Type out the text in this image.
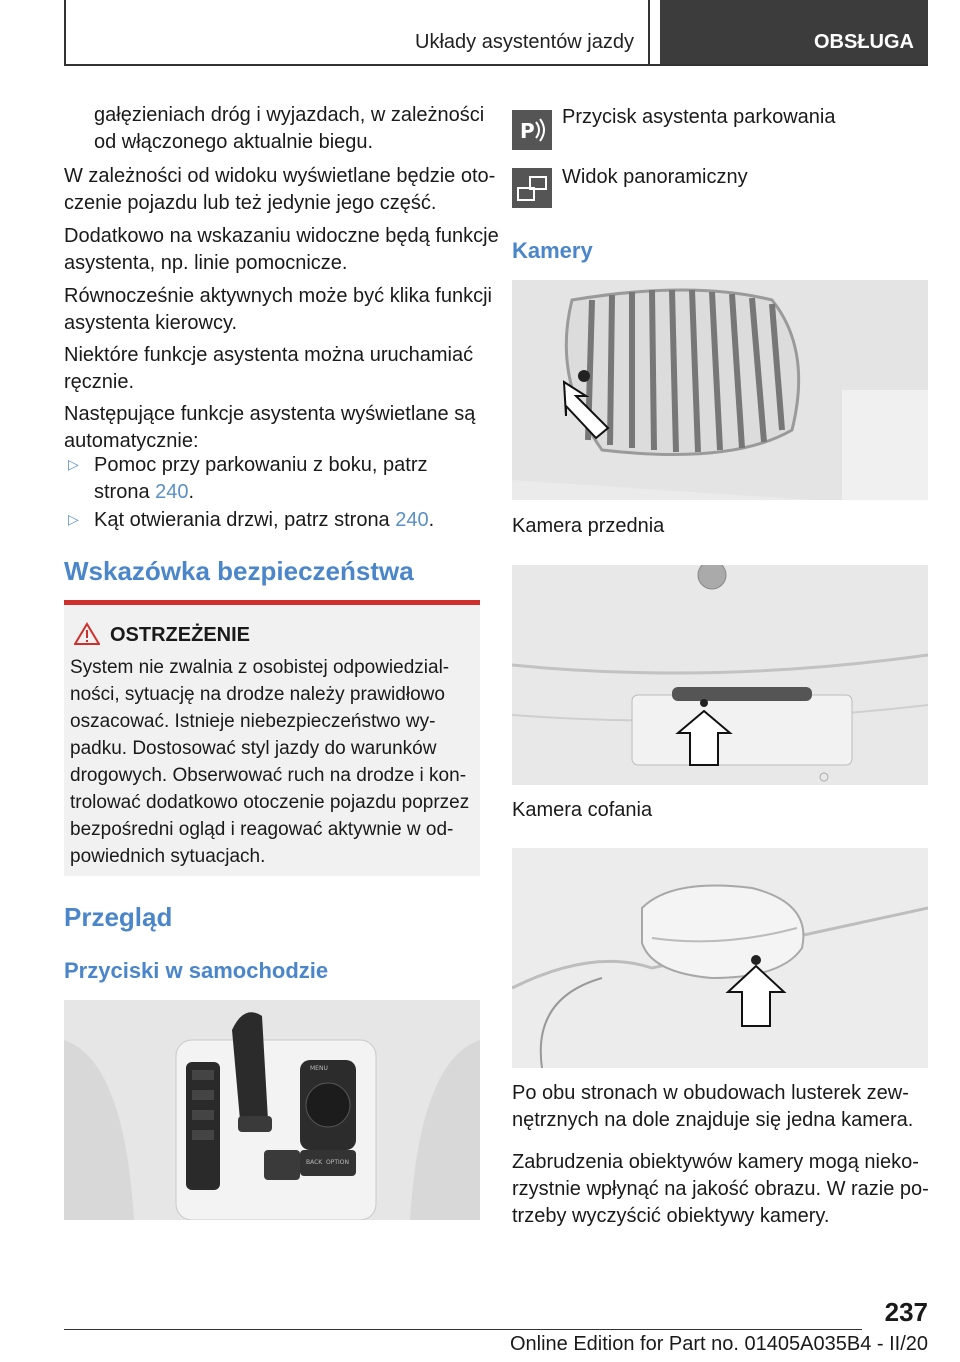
Układy asystentów jazdy	OBSŁUGA
gałęzieniach dróg i wyjazdach, w zależności
od włączonego aktualnie biegu.
W zależności od widoku wyświetlane będzie oto‐
czenie pojazdu lub też jedynie jego część.
Dodatkowo na wskazaniu widoczne będą funkcje
asystenta, np. linie pomocnicze.
Równocześnie aktywnych może być klika funkcji
asystenta kierowcy.
Niektóre funkcje asystenta można uruchamiać
ręcznie.
Następujące funkcje asystenta wyświetlane są
automatycznie:
▷ Pomoc przy parkowaniu z boku, patrz
strona 240.
▷ Kąt otwierania drzwi, patrz strona 240.
Wskazówka bezpieczeństwa
OSTRZEŻENIE
System nie zwalnia z osobistej odpowiedzial‐
ności, sytuację na drodze należy prawidłowo
oszacować. Istnieje niebezpieczeństwo wy‐
padku. Dostosować styl jazdy do warunków
drogowych. Obserwować ruch na drodze i kon‐
trolować dodatkowo otoczenie pojazdu poprzez
bezpośredni ogląd i reagować aktywnie w od‐
powiednich sytuacjach.
Przegląd
Przyciski w samochodzie
MENU
BACK OPTION
P
Przycisk asystenta parkowania
Widok panoramiczny
Kamery
Kamera przednia
Kamera cofania
Po obu stronach w obudowach lusterek zew‐
nętrznych na dole znajduje się jedna kamera.
Zabrudzenia obiektywów kamery mogą nieko‐
rzystnie wpłynąć na jakość obrazu. W razie po‐
trzeby wyczyścić obiektywy kamery.
237
Online Edition for Part no. 01405A035B4 - II/20
